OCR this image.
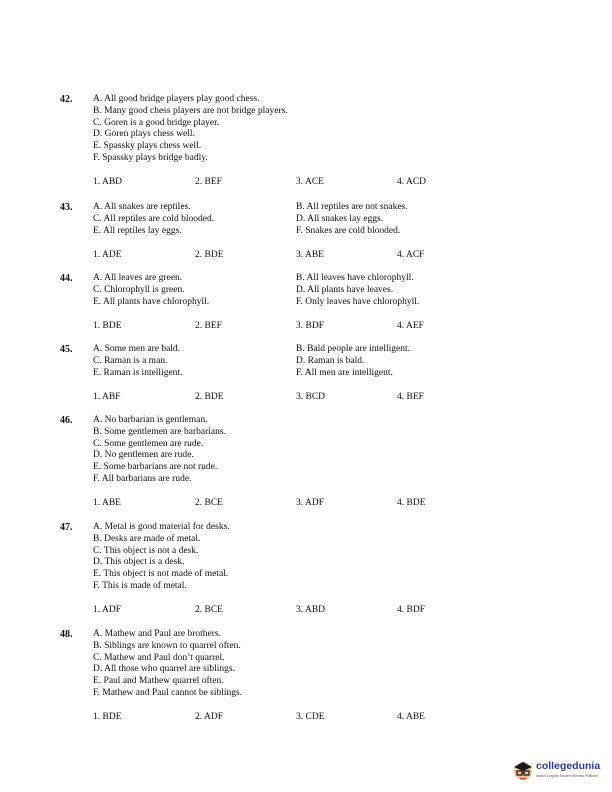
42. A. All good bridge players play good chess.
B. Many good chess players are not bridge players.
C. Goren is a good bridge player.
D. Goren plays chess well.
E. Spassky plays chess well.
F. Spassky plays bridge badly.
1. ABD	2. BEF	3. ACE	4. ACD
43. A. All snakes are reptiles.	B. All reptiles are not snakes.
C. All reptiles are cold blooded.	D. All snakes lay eggs.
E. All reptiles lay eggs.	F. Snakes are cold blooded.
1. ADE	2. BDE	3. ABE	4. ACF
44. A. All leaves are green.	B. All leaves have chlorophyll.
C. Chlorophyll is green.	D. All plants have leaves.
E. All plants have chlorophyll.	F. Only leaves have chlorophyll.
1. BDE	2. BEF	3. BDF	4. AEF
45. A. Some men are bald.	B. Bald people are intelligent.
C. Raman is a man.	D. Raman is bald.
E. Raman is intelligent.	F. All men are intelligent.
1. ABF	2. BDE	3. BCD	4. BEF
46. A. No barbarian is gentleman.
B. Some gentlemen are barbarians.
C. Some gentlemen are rude.
D. No gentlemen are rude.
E. Some barbarians are not rude.
F. All barbarians are rude.
1. ABE	2. BCE	3. ADF	4. BDE
47. A. Metal is good material for desks.
B. Desks are made of metal.
C. This object is not a desk.
D. This object is a desk.
E. This object is not made of metal.
F. This is made of metal.
1. ADF	2. BCE	3. ABD	4. BDF
48. A. Mathew and Paul are brothers.
B. Siblings are known to quarrel often.
C. Mathew and Paul don’t quarrel.
D. All those who quarrel are siblings.
E. Paul and Mathew quarrel often.
F. Mathew and Paul cannot be siblings.
1. BDE	2. ADF	3. CDE	4. ABE
collegedunia
India's Largest Student Review Platform
